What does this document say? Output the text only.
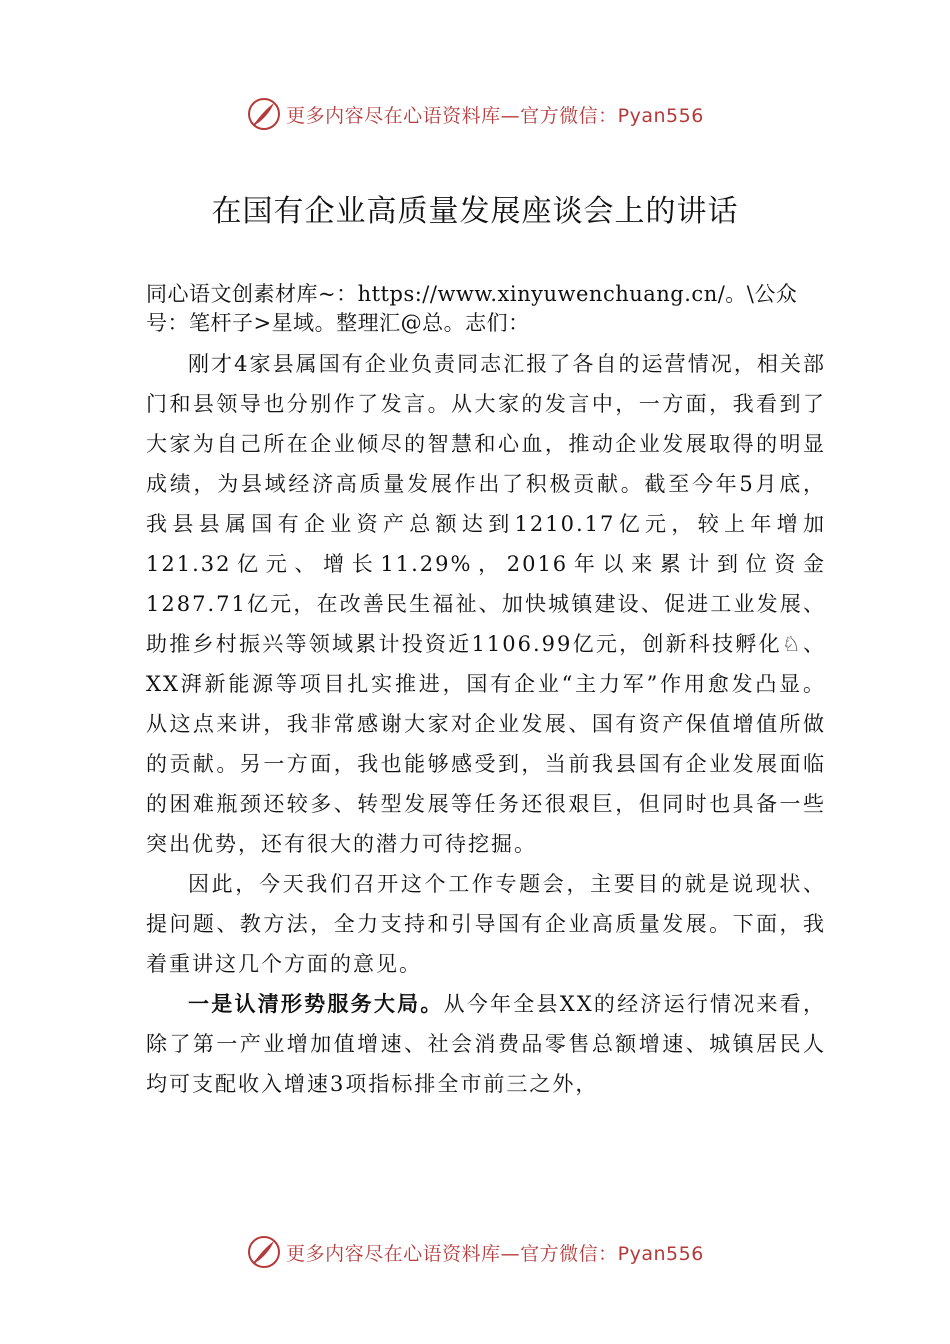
更多内容尽在心语资料库—官方微信：Pyan556
在国有企业高质量发展座谈会上的讲话

同心语文创素材库~：https://www.xinyuwenchuang.cn/。\公众号：笔杆子>星域。整理汇@总。志们：

刚才4家县属国有企业负责同志汇报了各自的运营情况，相关部门和县领导也分别作了发言。从大家的发言中，一方面，我看到了大家为自己所在企业倾尽的智慧和心血，推动企业发展取得的明显成绩，为县域经济高质量发展作出了积极贡献。截至今年5月底，我县县属国有企业资产总额达到1210.17亿元，较上年增加121.32亿元、增长11.29%，2016年以来累计到位资金1287.71亿元，在改善民生福祉、加快城镇建设、促进工业发展、助推乡村振兴等领域累计投资近1106.99亿元，创新科技孵化♘、XX湃新能源等项目扎实推进，国有企业“主力军”作用愈发凸显。从这点来讲，我非常感谢大家对企业发展、国有资产保值增值所做的贡献。另一方面，我也能够感受到，当前我县国有企业发展面临的困难瓶颈还较多、转型发展等任务还很艰巨，但同时也具备一些突出优势，还有很大的潜力可待挖掘。

因此，今天我们召开这个工作专题会，主要目的就是说现状、提问题、教方法，全力支持和引导国有企业高质量发展。下面，我着重讲这几个方面的意见。

一是认清形势服务大局。从今年全县XX的经济运行情况来看，除了第一产业增加值增速、社会消费品零售总额增速、城镇居民人均可支配收入增速3项指标排全市前三之外，

更多内容尽在心语资料库—官方微信：Pyan556
